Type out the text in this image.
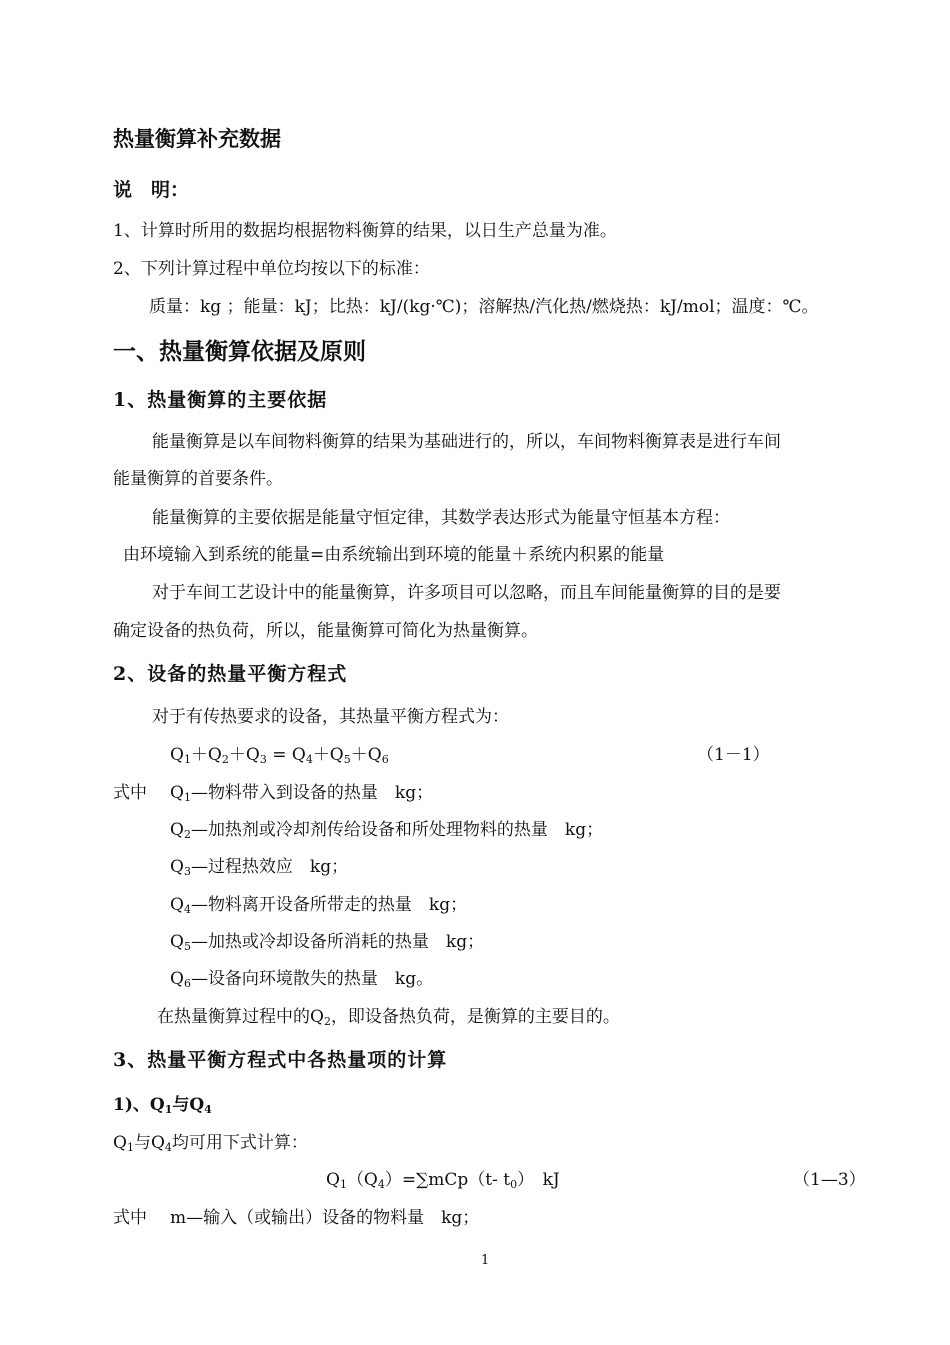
热量衡算补充数据
说　明：
1、计算时所用的数据均根据物料衡算的结果，以日生产总量为准。
2、下列计算过程中单位均按以下的标准：
质量：kg ；能量：kJ；比热：kJ/(kg·℃)；溶解热/汽化热/燃烧热：kJ/mol；温度：℃。
一、热量衡算依据及原则
1、热量衡算的主要依据
能量衡算是以车间物料衡算的结果为基础进行的，所以，车间物料衡算表是进行车间
能量衡算的首要条件。
能量衡算的主要依据是能量守恒定律，其数学表达形式为能量守恒基本方程：
由环境输入到系统的能量=由系统输出到环境的能量＋系统内积累的能量
对于车间工艺设计中的能量衡算，许多项目可以忽略，而且车间能量衡算的目的是要
确定设备的热负荷，所以，能量衡算可简化为热量衡算。
2、设备的热量平衡方程式
对于有传热要求的设备，其热量平衡方程式为：
$Q_1+Q_2+Q_3 = Q_4+Q_5+Q_6$	（1－1）
式中 $Q_1—$物料带入到设备的热量　kg；
$Q_2—$加热剂或冷却剂传给设备和所处理物料的热量　kg；
$Q_3—$过程热效应　kg；
$Q_4—$物料离开设备所带走的热量　kg；
$Q_5—$加热或冷却设备所消耗的热量　kg；
$Q_6—$设备向环境散失的热量　kg。
在热量衡算过程中的$Q_2$，即设备热负荷，是衡算的主要目的。
3、热量平衡方程式中各热量项的计算
1)、$Q_1$与$Q_4$
$Q_1$与$Q_4$均可用下式计算：
$Q_1(Q_4)=\sum mCp(t-$ $t_0$）　kJ	（1—3）
式中 m—输入（或输出）设备的物料量　kg；
1
